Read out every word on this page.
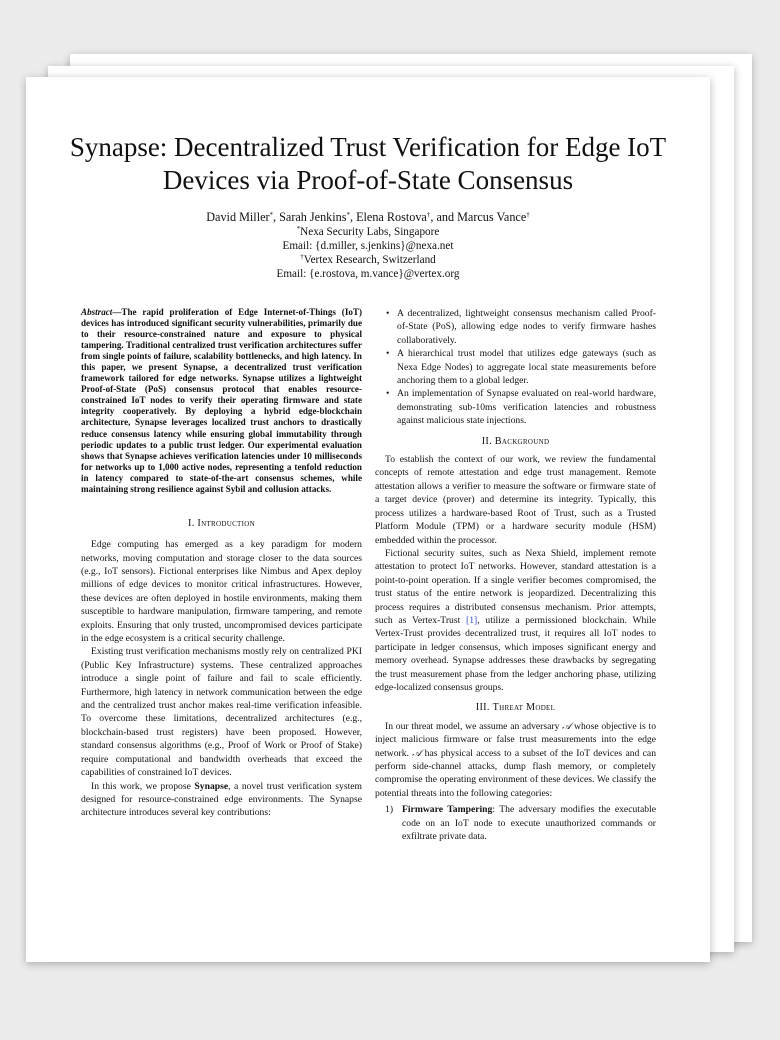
Synapse: Decentralized Trust Verification for Edge IoT Devices via Proof-of-State Consensus
David Miller*, Sarah Jenkins*, Elena Rostova†, and Marcus Vance†
*Nexa Security Labs, Singapore
Email: {d.miller, s.jenkins}@nexa.net
†Vertex Research, Switzerland
Email: {e.rostova, m.vance}@vertex.org

Abstract—The rapid proliferation of Edge Internet-of-Things (IoT) devices has introduced significant security vulnerabilities, primarily due to their resource-constrained nature and exposure to physical tampering. Traditional centralized trust verification architectures suffer from single points of failure, scalability bottlenecks, and high latency. In this paper, we present Synapse, a decentralized trust verification framework tailored for edge networks. Synapse utilizes a lightweight Proof-of-State (PoS) consensus protocol that enables resource-constrained IoT nodes to verify their operating firmware and state integrity cooperatively. By deploying a hybrid edge-blockchain architecture, Synapse leverages localized trust anchors to drastically reduce consensus latency while ensuring global immutability through periodic updates to a public trust ledger. Our experimental evaluation shows that Synapse achieves verification latencies under 10 milliseconds for networks up to 1,000 active nodes, representing a tenfold reduction in latency compared to state-of-the-art consensus schemes, while maintaining strong resilience against Sybil and collusion attacks.

I. Introduction

Edge computing has emerged as a key paradigm for modern networks, moving computation and storage closer to the data sources (e.g., IoT sensors). Fictional enterprises like Nimbus and Apex deploy millions of edge devices to monitor critical infrastructures. However, these devices are often deployed in hostile environments, making them susceptible to hardware manipulation, firmware tampering, and remote exploits. Ensuring that only trusted, uncompromised devices participate in the edge ecosystem is a critical security challenge.

Existing trust verification mechanisms mostly rely on centralized PKI (Public Key Infrastructure) systems. These centralized approaches introduce a single point of failure and fail to scale efficiently. Furthermore, high latency in network communication between the edge and the centralized trust anchor makes real-time verification infeasible. To overcome these limitations, decentralized architectures (e.g., blockchain-based trust registers) have been proposed. However, standard consensus algorithms (e.g., Proof of Work or Proof of Stake) require computational and bandwidth overheads that exceed the capabilities of constrained IoT devices.

In this work, we propose Synapse, a novel trust verification system designed for resource-constrained edge environments. The Synapse architecture introduces several key contributions:

• A decentralized, lightweight consensus mechanism called Proof-of-State (PoS), allowing edge nodes to verify firmware hashes collaboratively.
• A hierarchical trust model that utilizes edge gateways (such as Nexa Edge Nodes) to aggregate local state measurements before anchoring them to a global ledger.
• An implementation of Synapse evaluated on real-world hardware, demonstrating sub-10ms verification latencies and robustness against malicious state injections.
II. Background

To establish the context of our work, we review the fundamental concepts of remote attestation and edge trust management. Remote attestation allows a verifier to measure the software or firmware state of a target device (prover) and determine its integrity. Typically, this process utilizes a hardware-based Root of Trust, such as a Trusted Platform Module (TPM) or a hardware security module (HSM) embedded within the processor.

Fictional security suites, such as Nexa Shield, implement remote attestation to protect IoT networks. However, standard attestation is a point-to-point operation. If a single verifier becomes compromised, the trust status of the entire network is jeopardized. Decentralizing this process requires a distributed consensus mechanism. Prior attempts, such as Vertex-Trust [1], utilize a permissioned blockchain. While Vertex-Trust provides decentralized trust, it requires all IoT nodes to participate in ledger consensus, which imposes significant energy and memory overhead. Synapse addresses these drawbacks by segregating the trust measurement phase from the ledger anchoring phase, utilizing edge-localized consensus groups.

III. Threat Model

In our threat model, we assume an adversary 𝒜 whose objective is to inject malicious firmware or false trust measurements into the edge network. 𝒜 has physical access to a subset of the IoT devices and can perform side-channel attacks, dump flash memory, or completely compromise the operating environment of these devices. We classify the potential threats into the following categories:

1) Firmware Tampering: The adversary modifies the executable code on an IoT node to execute unauthorized commands or exfiltrate private data.
